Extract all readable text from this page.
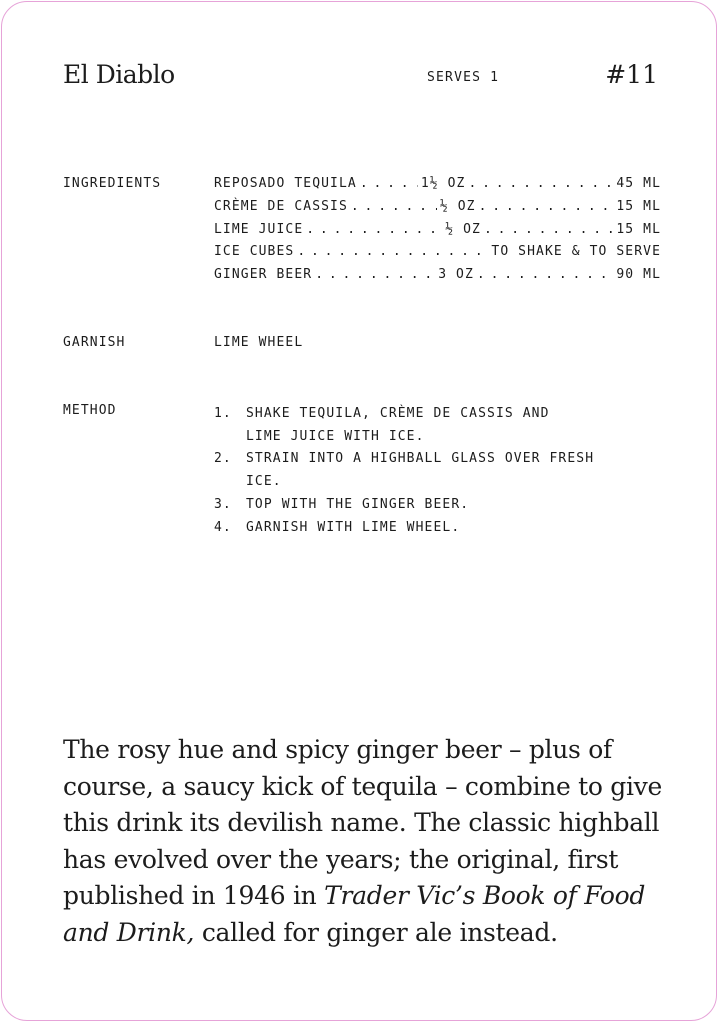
El Diablo	SERVES 1	#11
INGREDIENTS	REPOSADO TEQUILA . . .	1½ OZ . . .	45 ML
CRÈME DE CASSIS . . .	½ OZ . . .	15 ML
LIME JUICE . . .	½ OZ . . .	15 ML
ICE CUBES . . .	TO SHAKE & TO SERVE
GINGER BEER . . .	3 OZ . . .	90 ML
GARNISH	LIME WHEEL
METHOD	1.	SHAKE TEQUILA, CRÈME DE CASSIS AND LIME JUICE WITH ICE.
2.	STRAIN INTO A HIGHBALL GLASS OVER FRESH ICE.
3.	TOP WITH THE GINGER BEER.
4.	GARNISH WITH LIME WHEEL.

The rosy hue and spicy ginger beer – plus of course, a saucy kick of tequila – combine to give this drink its devilish name. The classic highball has evolved over the years; the original, first published in 1946 in Trader Vic’s Book of Food and Drink, called for ginger ale instead.
